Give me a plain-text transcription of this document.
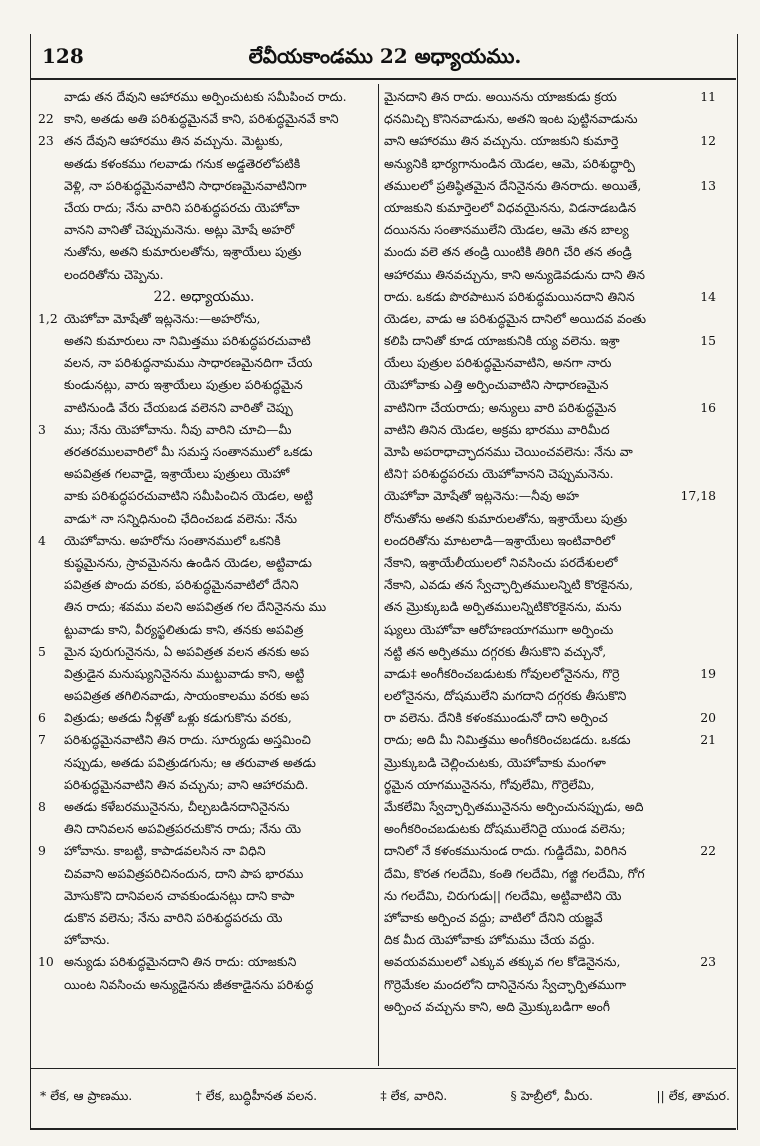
128	లేవీయకాండము 22 అధ్యాయము.
వాడు తన దేవుని ఆహారము అర్పించుటకు సమీపించ రాదు.
22 కాని, అతడు అతి పరిశుద్ధమైనవే కాని, పరిశుద్ధమైనవే కాని
23 తన దేవుని ఆహారము తిన వచ్చును. మెట్టుకు,
అతడు కళంకము గలవాడు గనుక అడ్డతెరలోపటికి
వెళ్లి, నా పరిశుద్ధమైనవాటిని సాధారణమైనవాటినిగా
చేయ రాదు; నేను వారిని పరిశుద్ధపరచు యెహోవా
వానని వానితో చెప్పుమనెను. అట్లు మోషే అహరో
నుతోను, అతని కుమారులతోను, ఇశ్రాయేలు పుత్రు
లందరితోను చెప్పెను.
22. అధ్యాయము.
1,2 యెహోవా మోషేతో ఇట్లనెను:—అహరోను,
అతని కుమారులు నా నిమిత్తము పరిశుద్ధపరచువాటి
వలన, నా పరిశుద్ధనామము సాధారణమైనదిగా చేయ
కుండునట్లు, వారు ఇశ్రాయేలు పుత్రుల పరిశుద్ధమైన
వాటినుండి వేరు చేయబడ వలెనని వారితో చెప్పు
3 ము; నేను యెహోవాను. నీవు వారిని చూచి—మీ
తరతరములవారిలో మీ సమస్త సంతానములో ఒకడు
అపవిత్రత గలవాడై, ఇశ్రాయేలు పుత్రులు యెహో
వాకు పరిశుద్ధపరచువాటిని సమీపించిన యెడల, అట్టి
వాడు* నా సన్నిధినుంచి ఛేదించబడ వలెను: నేను
4 యెహోవాను. అహరోను సంతానములో ఒకనికి
కుష్ఠమైనను, స్రావమైనను ఉండిన యెడల, అట్టివాడు
పవిత్రత పొందు వరకు, పరిశుద్ధమైనవాటిలో దేనిని
తిన రాదు; శవము వలని అపవిత్రత గల దేనినైనను ము
ట్టువాడు కాని, వీర్యస్ఖలితుడు కాని, తనకు అపవిత్ర
5 మైన పురుగునైనను, ఏ అపవిత్రత వలన తనకు అప
విత్రుడైన మనుష్యునినైనను ముట్టువాడు కాని, అట్టి
అపవిత్రత తగిలినవాడు, సాయంకాలము వరకు అప
6 విత్రుడు; అతడు నీళ్లతో ఒళ్లు కడుగుకొను వరకు,
7 పరిశుద్ధమైనవాటిని తిన రాదు. సూర్యుడు అస్తమించి
నప్పుడు, అతడు పవిత్రుడగును; ఆ తరువాత అతడు
పరిశుద్ధమైనవాటిని తిన వచ్చును; వాని ఆహారమది.
8 అతడు కళేబరమునైనను, చీల్చబడినదానినైనను
తిని దానివలన అపవిత్రపరచుకొన రాదు; నేను యె
9 హోవాను. కాబట్టి, కాపాడవలసిన నా విధిని
చివవాని అపవిత్రపరిచినందున, దాని పాప భారము
మోసుకొని దానివలన చావకుండునట్లు దాని కాపా
డుకొన వలెను; నేను వారిని పరిశుద్ధపరచు యె
హోవాను.
10 అన్యుడు పరిశుద్ధమైనదాని తిన రాదు: యాజకుని
యింట నివసించు అన్యుడైనను జీతకాడైనను పరిశుద్ధ
11
మైనదాని తిన రాదు. అయినను యాజకుడు క్రయ
ధనమిచ్చి కొనినవాడును, అతని ఇంట పుట్టినవాడును
12
వాని ఆహారము తిన వచ్చును. యాజకుని కుమార్తె
అన్యునికి భార్యగానుండిన యెడల, ఆమె, పరిశుద్ధార్పి
13
తములలో ప్రతిష్ఠితమైన దేనినైనను తినరాదు. అయితే,
యాజకుని కుమార్తెలలో విధవయైనను, విడనాడబడిన
దయినను సంతానములేని యెడల, ఆమె తన బాల్య
మందు వలె తన తండ్రి యింటికి తిరిగి చేరి తన తండ్రి
ఆహారము తినవచ్చును, కాని అన్యుడెవడును దాని తిన
14
రాదు. ఒకడు పొరపాటున పరిశుద్ధమయినదాని తినిన
యెడల, వాడు ఆ పరిశుద్ధమైన దానిలో అయిదవ వంతు
15
కలిపి దానితో కూడ యాజకునికి య్య వలెను. ఇశ్రా
యేలు పుత్రుల పరిశుద్ధమైనవాటిని, అనగా నారు
యెహోవాకు ఎత్తి అర్పించువాటిని సాధారణమైన
16
వాటినిగా చేయరాదు; అన్యులు వారి పరిశుద్ధమైన
వాటిని తినిన యెడల, అక్రమ భారము వారిమీద
మోపి అపరాధాచ్ఛాదనము చెయించవలెను: నేను వా
టిని† పరిశుద్ధపరచు యెహోవానని చెప్పుమనెను.
17,18
యెహోవా మోషేతో ఇట్లనెను:—నీవు అహ
రోనుతోను అతని కుమారులతోను, ఇశ్రాయేలు పుత్రు
లందరితోను మాటలాడి—ఇశ్రాయేలు ఇంటివారిలో
నేకాని, ఇశ్రాయేలీయులలో నివసించు పరదేశులలో
నేకాని, ఎవడు తన స్వేచ్ఛార్పితములన్నిటి కొరకైనను,
తన మ్రొక్కుబడి అర్పితములన్నిటికొరకైనను, మను
ష్యులు యెహోవా ఆరోహణయాగముగా అర్పించు
నట్టి తన అర్పితము దగ్గరకు తీసుకొని వచ్చునో,
19
వాడు‡ అంగీకరించబడుటకు గోవులలోనైనను, గొర్రె
లలోనైనను, దోషములేని మగదాని దగ్గరకు తీసుకొని
20
రా వలెను. దేనికి కళంకముండునో దాని అర్పించ
21
రాదు; అది మీ నిమిత్తము అంగీకరించబడదు. ఒకడు
మ్రొక్కుబడి చెల్లించుటకు, యెహోవాకు మంగళా
ర్థమైన యాగమునైనను, గోవులేమి, గొర్రెలేమి,
మేకలేమి స్వేచ్ఛార్పితమునైనను అర్పించునప్పుడు, అది
అంగీకరించబడుటకు దోషములేనిదై యుండ వలెను;
22
దానిలో నే కళంకమునుండ రాదు. గుడ్డిదేమి, విరిగిన
దేమి, కొరత గలదేమి, కంతి గలదేమి, గజ్జి గలదేమి, గోగ
ను గలదేమి, చిరుగుడు|| గలదేమి, అట్టివాటిని యె
హోవాకు అర్పించ వద్దు; వాటిలో దేనిని యజ్ఞవే
దిక మీద యెహోవాకు హోమము చేయ వద్దు.
23
అవయవములలో ఎక్కువ తక్కువ గల కోడెనైనను,
గొర్రెమేకల మందలోని దానినైనను స్వేచ్ఛార్పితముగా
అర్పించ వచ్చును కాని, అది మ్రొక్కుబడిగా అంగీ
* లేక, ఆ ప్రాణము.	† లేక, బుద్ధిహీనత వలన.	‡ లేక, వారిని.	§ హెబ్రీలో, మీరు.	|| లేక, తామర.
